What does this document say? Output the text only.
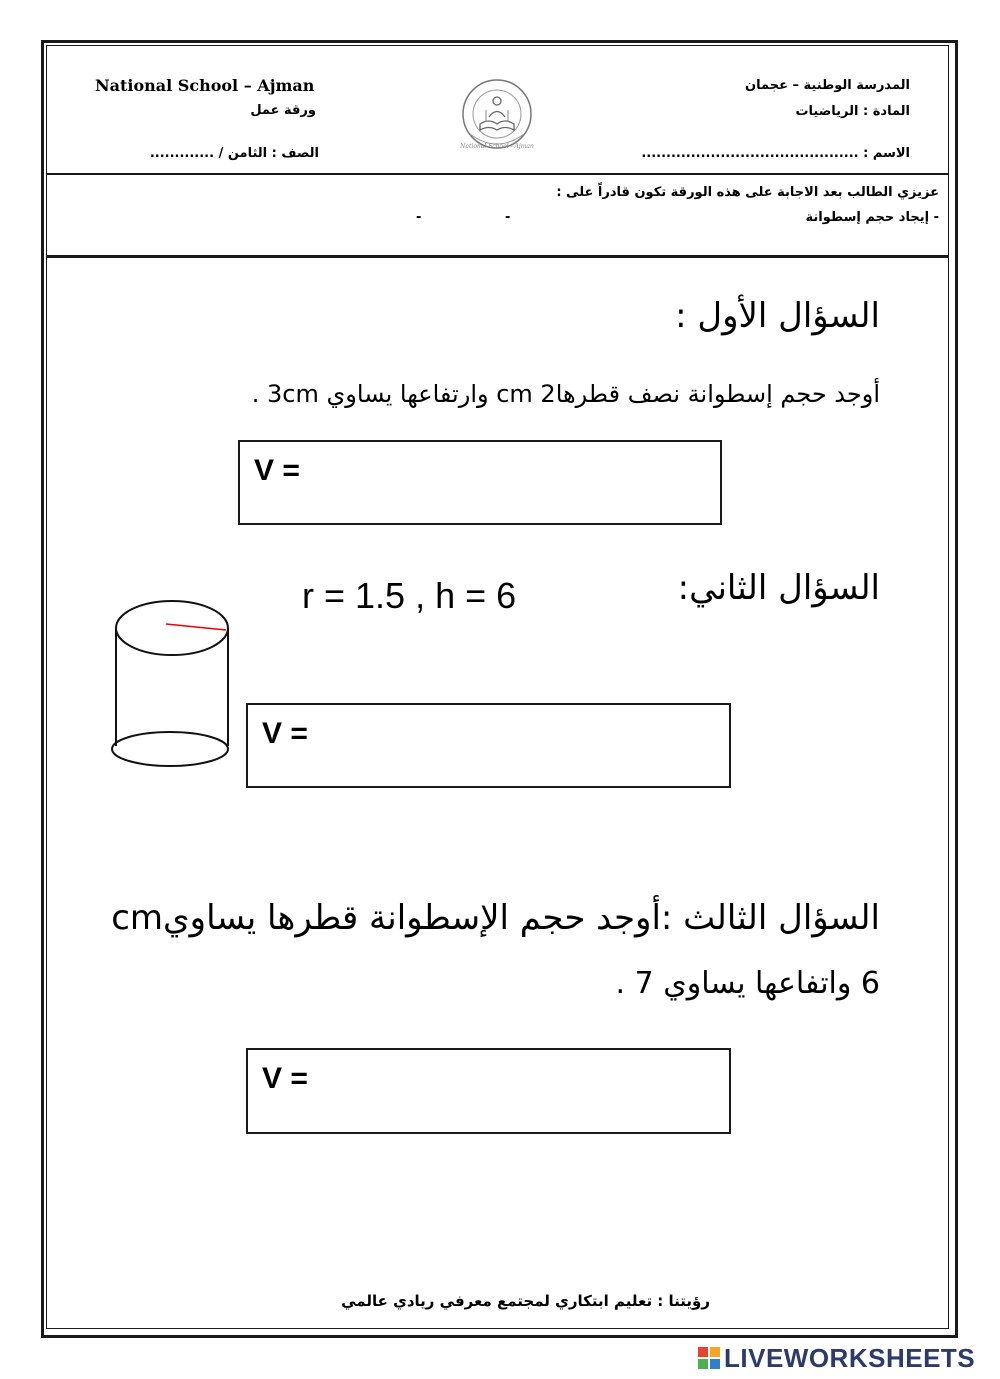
National School – Ajman
ورقة عمل
الصف : الثامن / .............	National School - Ajman
المدرسة الوطنية – عجمان
المادة : الرياضيات
الاسم : ............................................
عزيزي الطالب بعد الاجابة على هذه الورقة تكون قادراً على :
- إيجاد حجم إسطوانة
-
-
السؤال الأول :
أوجد حجم إسطوانة نصف قطرهاcm 2 وارتفاعها يساوي 3cm .
V =
السؤال الثاني:
r = 1.5 , h = 6
V =
السؤال الثالث :أوجد حجم الإسطوانة قطرها يساويcm
6 واتفاعها يساوي 7 .
V =
رؤيتنا : تعليم ابتكاري لمجتمع معرفي ريادي عالمي
LIVEWORKSHEETS
